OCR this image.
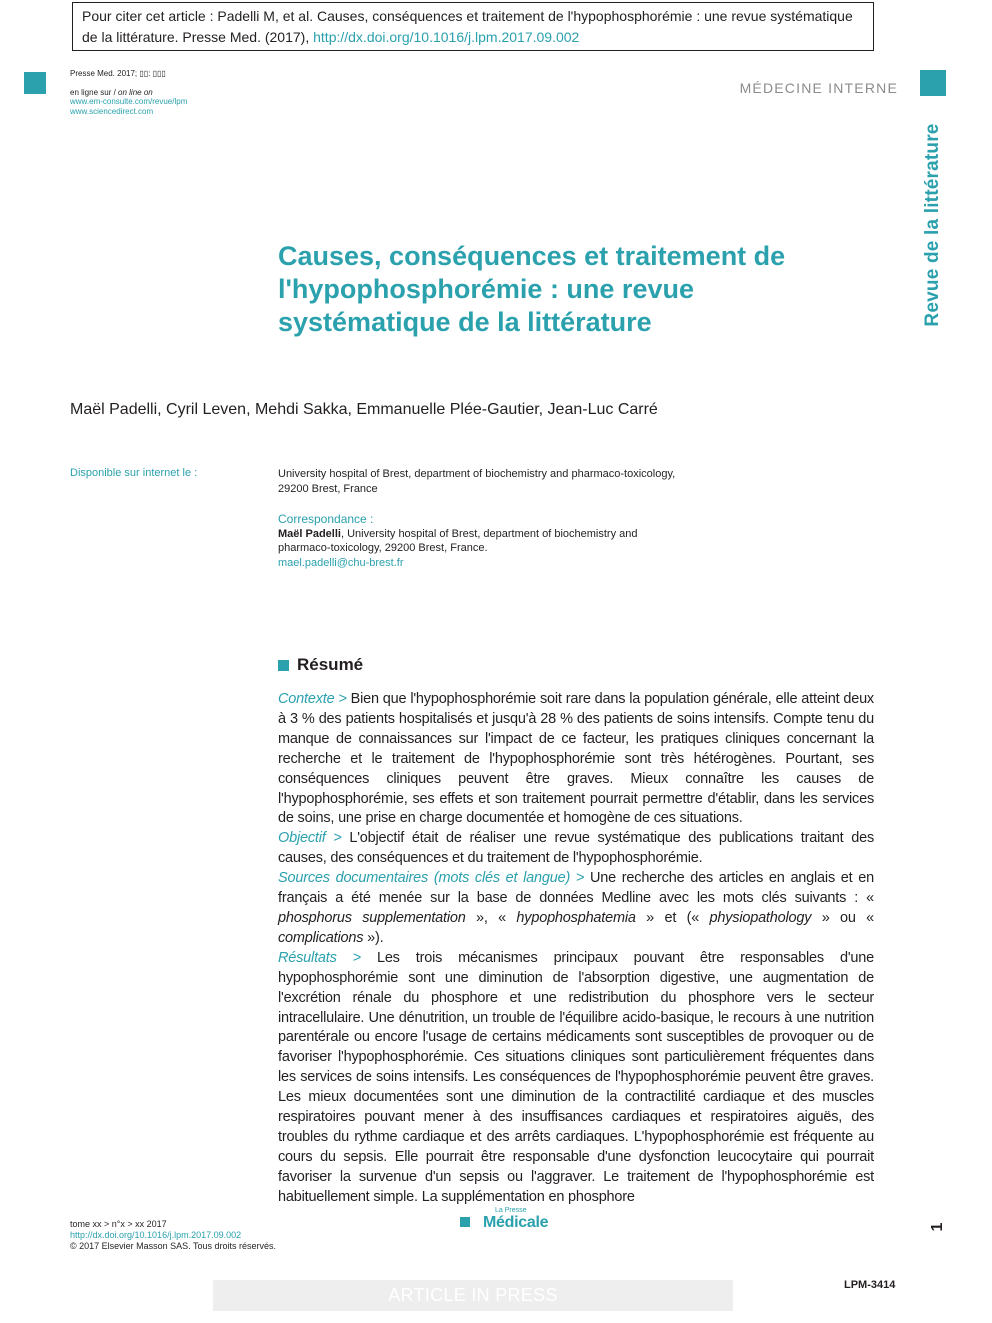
Pour citer cet article : Padelli M, et al. Causes, conséquences et traitement de l'hypophosphorémie : une revue systématique de la littérature. Presse Med. (2017), http://dx.doi.org/10.1016/j.lpm.2017.09.002
Presse Med. 2017; ▯▯: ▯▯▯
en ligne sur / on line on
www.em-consulte.com/revue/lpm
www.sciencedirect.com
MÉDECINE INTERNE
Revue de la littérature
Causes, conséquences et traitement de l'hypophosphorémie : une revue systématique de la littérature
Maël Padelli, Cyril Leven, Mehdi Sakka, Emmanuelle Plée-Gautier, Jean-Luc Carré
Disponible sur internet le :	University hospital of Brest, department of biochemistry and pharmaco-toxicology,
29200 Brest, France
Correspondance :
Maël Padelli, University hospital of Brest, department of biochemistry and
pharmaco-toxicology, 29200 Brest, France.
mael.padelli@chu-brest.fr
Résumé

Contexte > Bien que l'hypophosphorémie soit rare dans la population générale, elle atteint deux à 3 % des patients hospitalisés et jusqu'à 28 % des patients de soins intensifs. Compte tenu du manque de connaissances sur l'impact de ce facteur, les pratiques cliniques concernant la recherche et le traitement de l'hypophosphorémie sont très hétérogènes. Pourtant, ses conséquences cliniques peuvent être graves. Mieux connaître les causes de l'hypophosphorémie, ses effets et son traitement pourrait permettre d'établir, dans les services de soins, une prise en charge documentée et homogène de ces situations.

Objectif > L'objectif était de réaliser une revue systématique des publications traitant des causes, des conséquences et du traitement de l'hypophosphorémie.

Sources documentaires (mots clés et langue) > Une recherche des articles en anglais et en français a été menée sur la base de données Medline avec les mots clés suivants : « phosphorus supplementation », « hypophosphatemia » et (« physiopathology » ou « complications »).

Résultats > Les trois mécanismes principaux pouvant être responsables d'une hypophosphorémie sont une diminution de l'absorption digestive, une augmentation de l'excrétion rénale du phosphore et une redistribution du phosphore vers le secteur intracellulaire. Une dénutrition, un trouble de l'équilibre acido-basique, le recours à une nutrition parentérale ou encore l'usage de certains médicaments sont susceptibles de provoquer ou de favoriser l'hypophosphorémie. Ces situations cliniques sont particulièrement fréquentes dans les services de soins intensifs. Les conséquences de l'hypophosphorémie peuvent être graves. Les mieux documentées sont une diminution de la contractilité cardiaque et des muscles respiratoires pouvant mener à des insuffisances cardiaques et respiratoires aiguës, des troubles du rythme cardiaque et des arrêts cardiaques. L'hypophosphorémie est fréquente au cours du sepsis. Elle pourrait être responsable d'une dysfonction leucocytaire qui pourrait favoriser la survenue d'un sepsis ou l'aggraver. Le traitement de l'hypophosphorémie est habituellement simple. La supplémentation en phosphore

tome xx > n°x > xx 2017
http://dx.doi.org/10.1016/j.lpm.2017.09.002
© 2017 Elsevier Masson SAS. Tous droits réservés.
La Presse
Médicale	1
ARTICLE IN PRESS	LPM-3414
